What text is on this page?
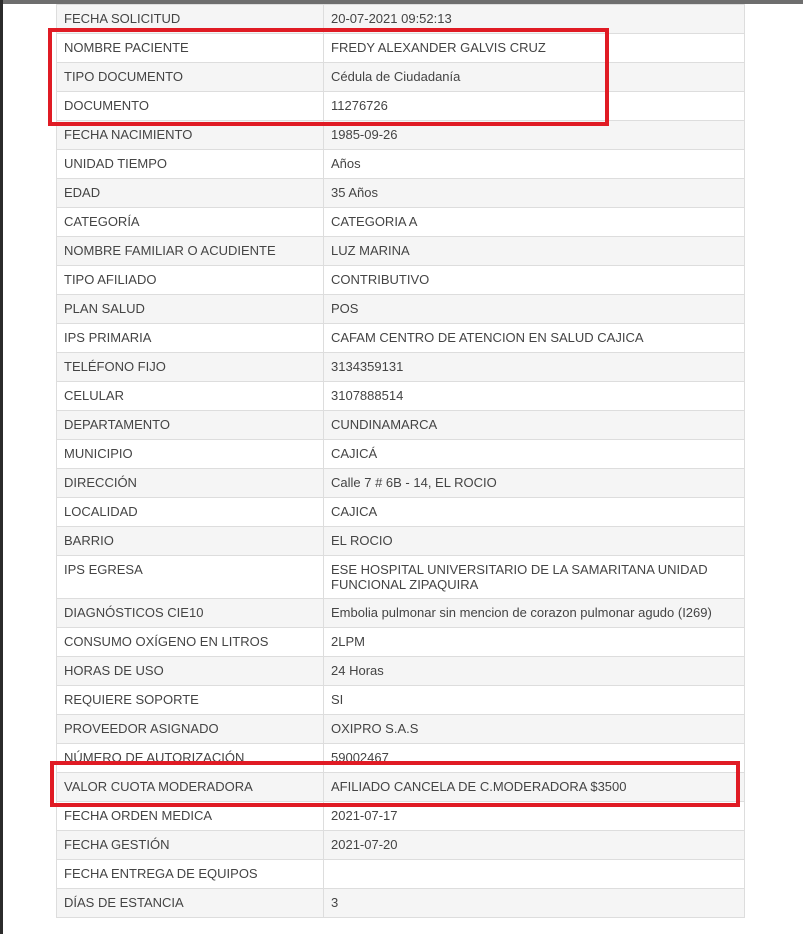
FECHA SOLICITUD	20-07-2021 09:52:13
NOMBRE PACIENTE	FREDY ALEXANDER GALVIS CRUZ
TIPO DOCUMENTO	Cédula de Ciudadanía
DOCUMENTO	11276726
FECHA NACIMIENTO	1985-09-26
UNIDAD TIEMPO	Años
EDAD	35 Años
CATEGORÍA	CATEGORIA A
NOMBRE FAMILIAR O ACUDIENTE	LUZ MARINA
TIPO AFILIADO	CONTRIBUTIVO
PLAN SALUD	POS
IPS PRIMARIA	CAFAM CENTRO DE ATENCION EN SALUD CAJICA
TELÉFONO FIJO	3134359131
CELULAR	3107888514
DEPARTAMENTO	CUNDINAMARCA
MUNICIPIO	CAJICÁ
DIRECCIÓN	Calle 7 # 6B - 14, EL ROCIO
LOCALIDAD	CAJICA
BARRIO	EL ROCIO
IPS EGRESA	ESE HOSPITAL UNIVERSITARIO DE LA SAMARITANA UNIDAD FUNCIONAL ZIPAQUIRA
DIAGNÓSTICOS CIE10	Embolia pulmonar sin mencion de corazon pulmonar agudo (I269)
CONSUMO OXÍGENO EN LITROS	2LPM
HORAS DE USO	24 Horas
REQUIERE SOPORTE	SI
PROVEEDOR ASIGNADO	OXIPRO S.A.S
NÚMERO DE AUTORIZACIÓN	59002467
VALOR CUOTA MODERADORA	AFILIADO CANCELA DE C.MODERADORA $3500
FECHA ORDEN MEDICA	2021-07-17
FECHA GESTIÓN	2021-07-20
FECHA ENTREGA DE EQUIPOS	
DÍAS DE ESTANCIA	3
